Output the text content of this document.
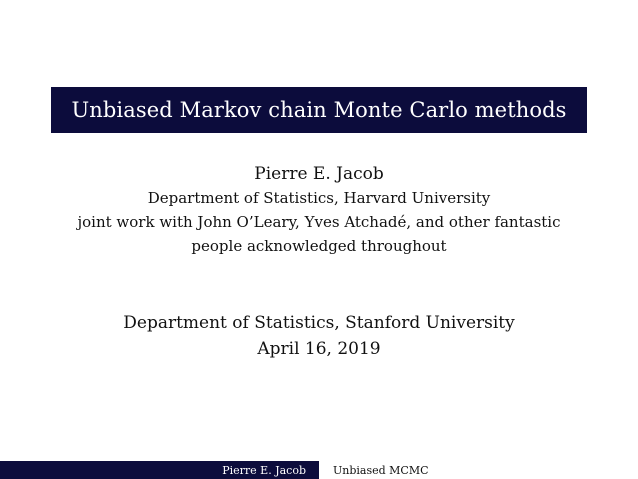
Unbiased Markov chain Monte Carlo methods
Pierre E. Jacob
Department of Statistics, Harvard University
joint work with John O’Leary, Yves Atchadé, and other fantastic
people acknowledged throughout
Department of Statistics, Stanford University
April 16, 2019
Pierre E. Jacob	Unbiased MCMC
